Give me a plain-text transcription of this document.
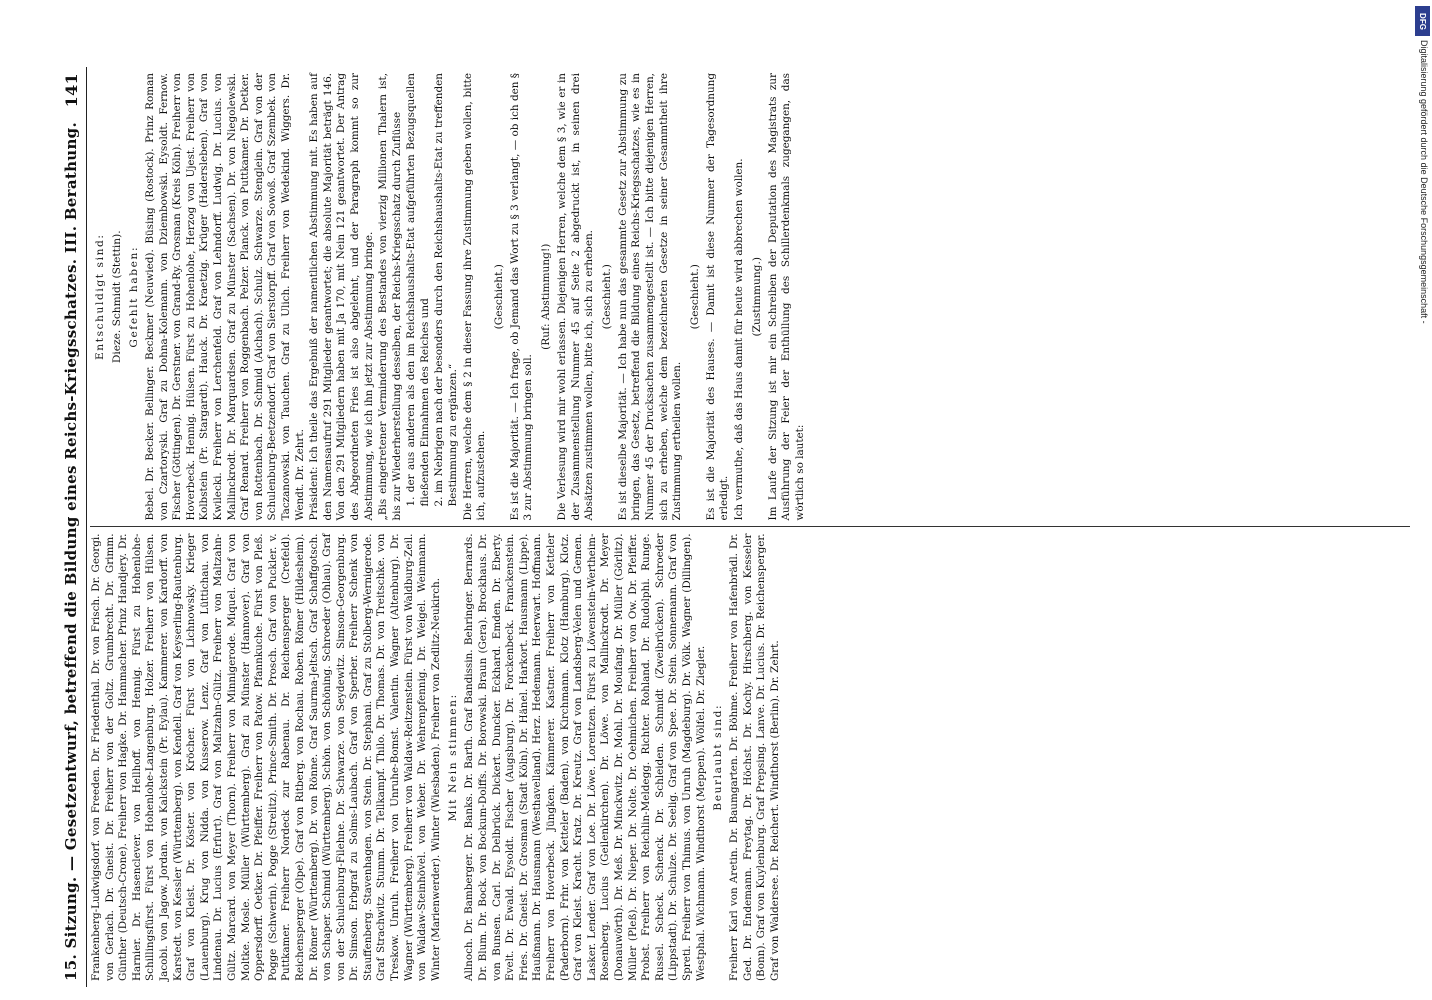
15. Sitzung. — Gesetzentwurf, betreffend die Bildung eines Reichs-Kriegsschatzes. III. Berathung.
141

Frankenberg-Ludwigsdorf. von Freeden. Dr. Friedenthal. Dr. von Frisch. Dr. Georgi. von Gerlach. Dr. Gneist. Dr. Freiherr von der Goltz. Grumbrecht. Dr. Grimm. Günther (Deutsch-Crone). Freiherr von Hagke. Dr. Hammacher. Prinz Handjery. Dr. Harnier. Dr. Hasenclever. von Hellhoff. von Hennig. Fürst zu Hohenlohe-Schillingsfürst. Fürst von Hohenlohe-Langenburg. Holzer. Freiherr von Hülsen. Jacobi. von Jagow. Jordan. von Kalckstein (Pr. Eylau). Kammerer. von Kardorff. von Karstedt. von Kessler (Württemberg). von Kendell. Graf von Keyserling-Rautenburg. Graf von Kleist. Dr. Köster. von Kröcher. Fürst von Lichnowsky. Krieger (Lauenburg). Krug von Nidda. von Kusserow. Lenz. Graf von Lüttichau. von Lindenau. Dr. Lucius (Erfurt). Graf von Maltzahn-Gültz. Freiherr von Maltzahn-Gültz. Marcard. von Meyer (Thorn). Freiherr von Minnigerode. Miquel. Graf von Moltke. Mosle. Müller (Württemberg). Graf zu Münster (Hannover). Graf von Oppersdorff. Oetker. Dr. Pfeiffer. Freiherr von Patow. Pfannkuche. Fürst von Pleß. Pogge (Schwerin). Pogge (Strelitz). Prince-Smith. Dr. Prosch. Graf von Puckler. v. Puttkamer. Freiherr Nordeck zur Rabenau. Dr. Reichensperger (Crefeld). Reichensperger (Olpe). Graf von Ritberg. von Rochau. Roben. Römer (Hildesheim). Dr. Römer (Württemberg). Dr. von Rönne. Graf Saurma-Jeltsch. Graf Schaffgotsch. von Schaper. Schmid (Württemberg). Schön. von Schöning. Schroeder (Ohlau). Graf von der Schulenburg-Filehne. Dr. Schwarze. von Seydewitz. Simson-Georgenburg. Dr. Simson. Erbgraf zu Solms-Laubach. Graf von Sperber. Freiherr Schenk von Stauffenberg. Stavenhagen. von Stein. Dr. Stephani. Graf zu Stolberg-Wernigerode. Graf Strachwitz. Stumm. Dr. Tellkampf. Thilo. Dr. Thomas. Dr. von Treitschke. von Treskow. Unruh. Freiherr von Unruhe-Bomst. Valentin. Wagner (Altenburg). Dr. Wagner (Württemberg). Freiherr von Waldaw-Reitzenstein. Fürst von Waldburg-Zeil. von Waldaw-Steinhövel. von Weber. Dr. Wehrenpfennig. Dr. Weigel. Weinmann. Winter (Marienwerder). Winter (Wiesbaden). Freiherr von Zedlitz-Neukirch. Mit Nein stimmen: Allnoch. Dr. Bamberger. Dr. Banks. Dr. Barth. Graf Bandissin. Behringer. Bernards. Dr. Blum. Dr. Bock. von Bockum-Dolffs. Dr. Borowski. Braun (Gera). Brockhaus. Dr. von Bunsen. Carl. Dr. Delbrück. Dickert. Duncker. Eckhard. Emden. Dr. Eberty. Evelt. Dr. Ewald. Eysoldt. Fischer (Augsburg). Dr. Forckenbeck. Franckenstein. Fries. Dr. Gneist. Dr. Grosman (Stadt Köln). Dr. Hänel. Harkort. Hausmann (Lippe). Haußmann. Dr. Hausmann (Westhavelland). Herz. Hedemann. Heerwart. Hoffmann. Freiherr von Hoverbeck. Jüngken. Kämmerer. Kastner. Freiherr von Ketteler (Paderborn). Frhr. von Ketteler (Baden). von Kirchmann. Klotz (Hamburg). Klotz. Graf von Kleist. Kracht. Kratz. Dr. Kreutz. Graf von Landsberg-Velen und Gemen. Lasker. Lender. Graf von Loe. Dr. Löwe. Lorentzen. Fürst zu Löwenstein-Wertheim-Rosenberg. Lucius (Geilenkirchen). Dr. Löwe. von Mallinckrodt. Dr. Meyer (Donauwörth). Dr. Meß. Dr. Minckwitz. Dr. Mohl. Dr. Moufang. Dr. Müller (Görlitz). Müller (Pleß). Dr. Nieper. Dr. Nolte. Dr. Oehmichen. Freiherr von Ow. Dr. Pfeiffer. Probst. Freiherr von Reichlin-Meldegg. Richter. Rohland. Dr. Rudolphi. Runge. Russel. Scheck. Schenck. Dr. Schleiden. Schmidt (Zweibrücken). Schroeder (Lippstadt). Dr. Schulze. Dr. Seelig. Graf von Spee. Dr. Stein. Sonnemann. Graf von Spreti. Freiherr von Thimus. von Unruh (Magdeburg). Dr. Völk. Wagner (Dillingen). Westphal. Wichmann. Windthorst (Meppen). Wölfel. Dr. Ziegler. Beurlaubt sind: Freiherr Karl von Aretin. Dr. Baumgarten. Dr. Böhme. Freiherr von Hafenbrädl. Dr. Ged. Dr. Endemann. Freytag. Dr. Höchst. Dr. Kochy. Hirschberg. von Kesseler (Bonn). Graf von Kuylenburg. Graf Prepsing. Lanve. Dr. Lucius. Dr. Reichensperger. Graf von Waldersee. Dr. Reichert. Windthorst (Berlin). Dr. Zehrt.

Entschuldigt sind: Dieze. Schmidt (Stettin). Gefehlt haben: Bebel. Dr. Becker. Bellinger. Beckmer (Neuwied). Büsing (Rostock). Prinz Roman von Czartoryski. Graf zu Dohna-Kolemann. von Dziembowski. Eysoldt. Fernow. Fischer (Göttingen). Dr. Gerstner. von Grand-Ry. Grosman (Kreis Köln). Freiherr von Hoverbeck. Hennig. Hülsen. Fürst zu Hohenlohe, Herzog von Ujest. Freiherr von Kolbstein (Pr. Stargardt). Hauck. Dr. Kraetzig. Krüger (Hadersleben). Graf von Kwilecki. Freiherr von Lerchenfeld. Graf von Lehndorff. Ludwig. Dr. Lucius. von Mallinckrodt. Dr. Marquardsen. Graf zu Münster (Sachsen). Dr. von Niegolewski. Graf Renard. Freiherr von Roggenbach. Pelzer. Planck. von Puttkamer. Dr. Detker. von Rottenbach. Dr. Schmid (Aichach). Schulz. Schwarze. Stenglein. Graf von der Schulenburg-Beetzendorf. Graf von Sierstorpff. Graf von Sowoß. Graf Szembek. von Taczanowski. von Tauchen. Graf zu Ulich. Freiherr von Wedekind. Wiggers. Dr. Wendt. Dr. Zehrt. Präsident: Ich theile das Ergebniß der namentlichen Abstimmung mit. Es haben auf den Namensaufruf 291 Mitglieder geantwortet; die absolute Majorität beträgt 146. Von den 291 Mitgliedern haben mit Ja 170, mit Nein 121 geantwortet. Der Antrag des Abgeordneten Fries ist also abgelehnt, und der Paragraph kommt so zur Abstimmung, wie ich ihn jetzt zur Abstimmung bringe. „Bis eingetretener Verminderung des Bestandes von vierzig Millionen Thalern ist, bis zur Wiederherstellung desselben, der Reichs-Kriegsschatz durch Zuflüsse 1. der aus anderen als den im Reichshaushalts-Etat aufgeführten Bezugsquellen fließenden Einnahmen des Reiches und 2. im Nebrigen nach der besonders durch den Reichshaushalts-Etat zu treffenden Bestimmung zu ergänzen.“ Die Herren, welche dem § 2 in dieser Fassung ihre Zustimmung geben wollen, bitte ich, aufzustehen.

(Geschieht.) Es ist die Majorität. — Ich frage, ob Jemand das Wort zu § 3 verlangt, — ob ich den § 3 zur Abstimmung bringen soll.

(Ruf: Abstimmung!) Die Verlesung wird mir wohl erlassen. Diejenigen Herren, welche dem § 3, wie er in der Zusammenstellung Nummer 45 auf Seite 2 abgedruckt ist, in seinen drei Absätzen zustimmen wollen, bitte ich, sich zu erheben. (Geschieht.) Es ist dieselbe Majorität. — Ich habe nun das gesammte Gesetz zur Abstimmung zu bringen, das Gesetz, betreffend die Bildung eines Reichs-Kriegsschatzes, wie es in Nummer 45 der Drucksachen zusammengestellt ist. — Ich bitte diejenigen Herren, sich zu erheben, welche dem bezeichneten Gesetze in seiner Gesammtheit ihre Zustimmung ertheilen wollen.

(Geschieht.) Es ist die Majorität des Hauses. — Damit ist diese Nummer der Tagesordnung erledigt. Ich vermuthe, daß das Haus damit für heute wird abbrechen wollen. (Zustimmung.) Im Laufe der Sitzung ist mir ein Schreiben der Deputation des Magistrats zur Ausführung der Feier der Enthüllung des Schillerdenkmals zugegangen, das wörtlich so lautet:

DFG
Digitalisierung gefördert durch die Deutsche Forschungsgemeinschaft -
